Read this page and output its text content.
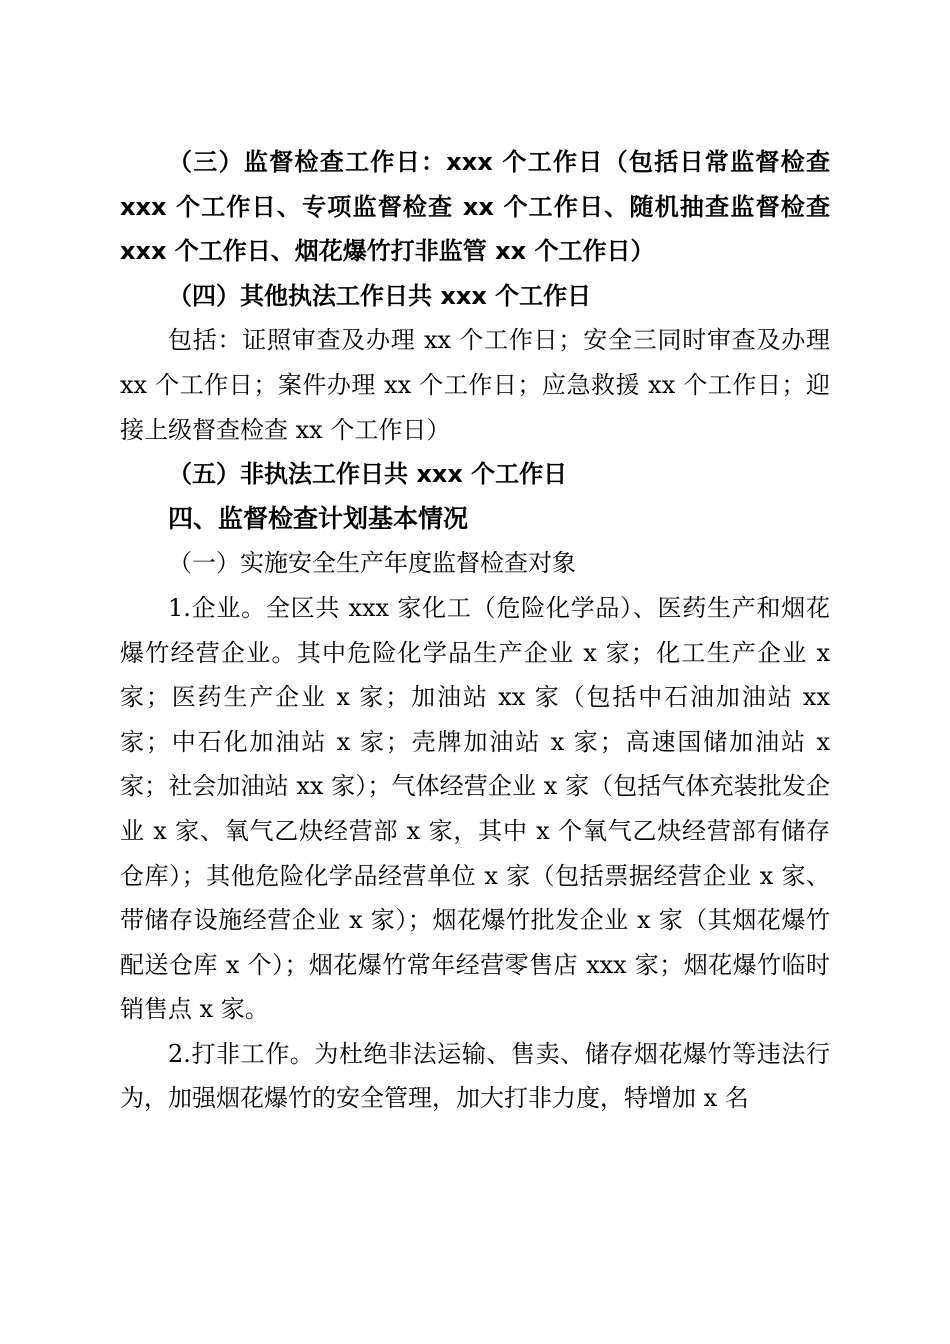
（三）监督检查工作日：xxx 个工作日（包括日常监督检查 xxx 个工作日、专项监督检查 xx 个工作日、随机抽查监督检查 xxx 个工作日、烟花爆竹打非监管 xx 个工作日）

（四）其他执法工作日共 xxx 个工作日

包括：证照审查及办理 xx 个工作日；安全三同时审查及办理 xx 个工作日；案件办理 xx 个工作日；应急救援 xx 个工作日；迎接上级督查检查 xx 个工作日）

（五）非执法工作日共 xxx 个工作日

四、监督检查计划基本情况

（一）实施安全生产年度监督检查对象

1.企业。全区共 xxx 家化工（危险化学品）、医药生产和烟花爆竹经营企业。其中危险化学品生产企业 x 家；化工生产企业 x 家；医药生产企业 x 家；加油站 xx 家（包括中石油加油站 xx 家；中石化加油站 x 家；壳牌加油站 x 家；高速国储加油站 x 家；社会加油站 xx 家）；气体经营企业 x 家（包括气体充装批发企业 x 家、氧气乙炔经营部 x 家，其中 x 个氧气乙炔经营部有储存仓库）；其他危险化学品经营单位 x 家（包括票据经营企业 x 家、带储存设施经营企业 x 家）；烟花爆竹批发企业 x 家（其烟花爆竹配送仓库 x 个）；烟花爆竹常年经营零售店 xxx 家；烟花爆竹临时销售点 x 家。

2.打非工作。为杜绝非法运输、售卖、储存烟花爆竹等违法行为，加强烟花爆竹的安全管理，加大打非力度，特增加 x 名
